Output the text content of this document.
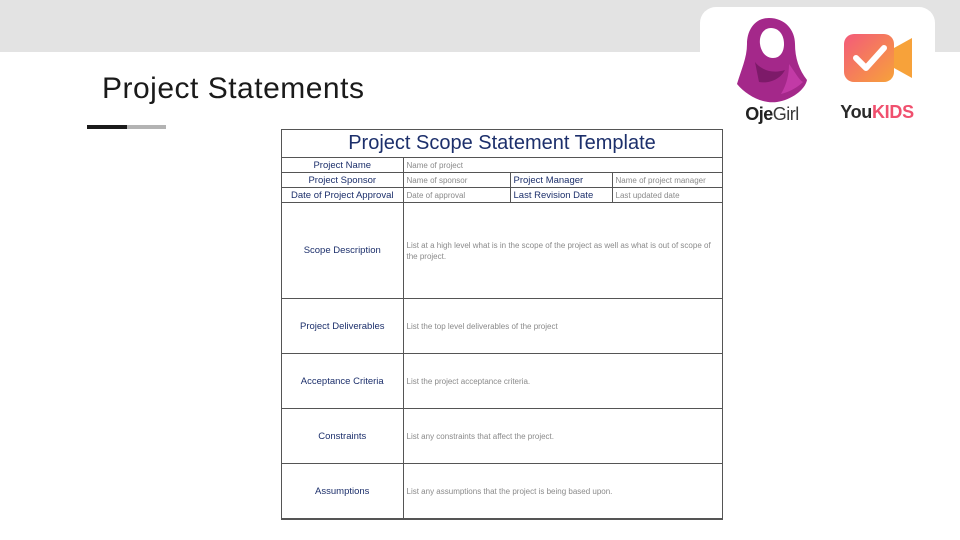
Project Statements
OjeGirl	YouKIDS
Project Scope Statement Template
Project Name	Name of project		
Project Sponsor	Name of sponsor	Project Manager	Name of project manager
Date of Project Approval	Date of approval	Last Revision Date	Last updated date
Scope Description	List at a high level what is in the scope of the project as well as what is out of scope of the project.		
Project Deliverables	List the top level deliverables of the project		
Acceptance Criteria	List the project acceptance criteria.		
Constraints	List any constraints that affect the project.		
Assumptions	List any assumptions that the project is being based upon.		
